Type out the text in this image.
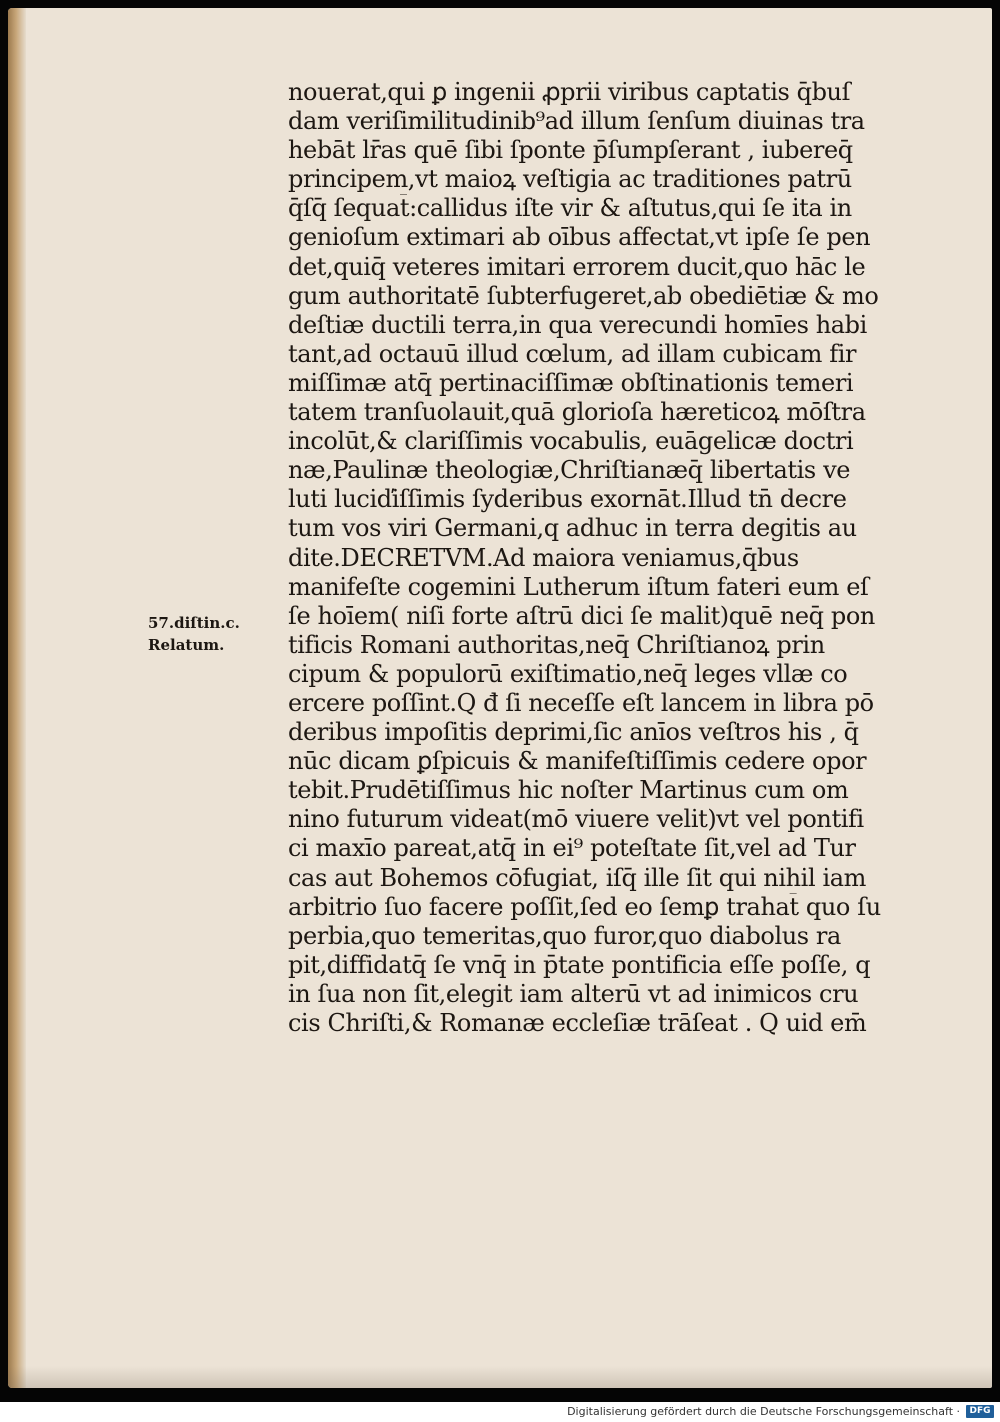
57.diſtin.c.
Relatum.
nouerat,qui ꝑ ingenii ꝓprii viribus captatis q̄buſ
dam veriſimilitudinib⁹ad illum ſenſum diuinas tra
hebāt lr̄as quē ſibi ſponte p̄ſumpſerant , iubereq̄
principem,vt maioꝝ veſtigia ac traditiones patrū
q̄ſq̄ ſequat̄:callidus iſte vir & aſtutus,qui ſe ita in
genioſum extimari ab oībus affectat,vt ipſe ſe pen
det,quiq̄ veteres imitari errorem ducit,quo hāc le
gum authoritatē ſubterfugeret,ab obediētiæ & mo
deſtiæ ductili terra,in qua verecundi homīes habi
tant,ad octauū illud cœlum, ad illam cubicam fir
miſſimæ atq̄ pertinaciſſimæ obſtinationis temeri
tatem tranſuolauit,quā glorioſa hæreticoꝝ mōſtra
incolūt,& clariſſimis vocabulis, euāgelicæ doctri
næ,Paulinæ theologiæ,Chriſtianæq̄ libertatis ve
luti luciďiſſimis ſyderibus exornāt.Illud tn̄ decre
tum vos viri Germani,q adhuc in terra degitis au
dite.DECRETVM.Ad maiora veniamus,q̄bus
manifeſte cogemini Lutherum iſtum fateri eum eſ
ſe hoīem( niſi forte aſtrū dici ſe malit)quē neq̄ pon
tificis Romani authoritas,neq̄ Chriſtianoꝝ prin
cipum & populorū exiſtimatio,neq̄ leges vllæ co
ercere poſſint.Q đ ſi neceſſe eſt lancem in libra pō
deribus impoſitis deprimi,ſic anīos veſtros his , q̄
nūc dicam ꝑſpicuis & manifeſtiſſimis cedere opor
tebit.Prudētiſſimus hic noſter Martinus cum om
nino futurum videat(mō viuere velit)vt vel pontifi
ci maxīo pareat,atq̄ in ei⁹ poteſtate ſit,vel ad Tur
cas aut Bohemos cōfugiat, iſq̄ ille ſit qui nihil iam
arbitrio ſuo facere poſſit,ſed eo ſemꝑ trahat̄ quo ſu
perbia,quo temeritas,quo furor,quo diabolus ra
pit,diffidatq̄ ſe vnq̄ in p̄tate pontificia eſſe poſſe, q
in ſua non ſit,elegit iam alterū vt ad inimicos cru
cis Chriſti,& Romanæ eccleſiæ trāſeat . Q uid em̄
Digitalisierung gefördert durch die Deutsche Forschungsgemeinschaft ·	DFG
